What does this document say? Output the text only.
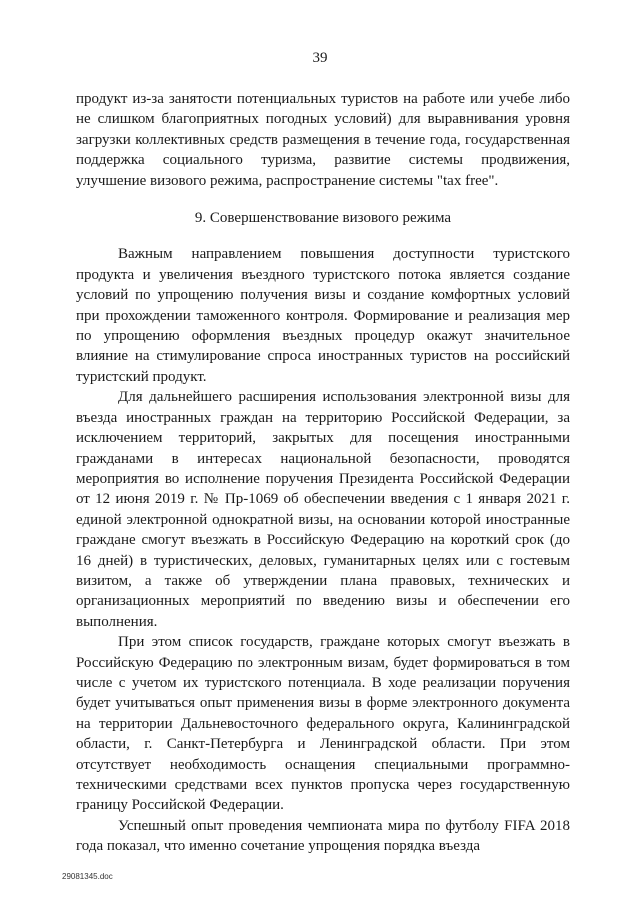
39

продукт из-за занятости потенциальных туристов на работе или учебе либо не слишком благоприятных погодных условий) для выравнивания уровня загрузки коллективных средств размещения в течение года, государственная поддержка социального туризма, развитие системы продвижения, улучшение визового режима, распространение системы "tax free".

9. Совершенствование визового режима

Важным направлением повышения доступности туристского продукта и увеличения въездного туристского потока является создание условий по упрощению получения визы и создание комфортных условий при прохождении таможенного контроля. Формирование и реализация мер по упрощению оформления въездных процедур окажут значительное влияние на стимулирование спроса иностранных туристов на российский туристский продукт.

Для дальнейшего расширения использования электронной визы для въезда иностранных граждан на территорию Российской Федерации, за исключением территорий, закрытых для посещения иностранными гражданами в интересах национальной безопасности, проводятся мероприятия во исполнение поручения Президента Российской Федерации от 12 июня 2019 г. № Пр-1069 об обеспечении введения с 1 января 2021 г. единой электронной однократной визы, на основании которой иностранные граждане смогут въезжать в Российскую Федерацию на короткий срок (до 16 дней) в туристических, деловых, гуманитарных целях или с гостевым визитом, а также об утверждении плана правовых, технических и организационных мероприятий по введению визы и обеспечении его выполнения.

При этом список государств, граждане которых смогут въезжать в Российскую Федерацию по электронным визам, будет формироваться в том числе с учетом их туристского потенциала. В ходе реализации поручения будет учитываться опыт применения визы в форме электронного документа на территории Дальневосточного федерального округа, Калининградской области, г. Санкт-Петербурга и Ленинградской области. При этом отсутствует необходимость оснащения специальными программно-техническими средствами всех пунктов пропуска через государственную границу Российской Федерации.

Успешный опыт проведения чемпионата мира по футболу FIFA 2018 года показал, что именно сочетание упрощения порядка въезда

29081345.doc
